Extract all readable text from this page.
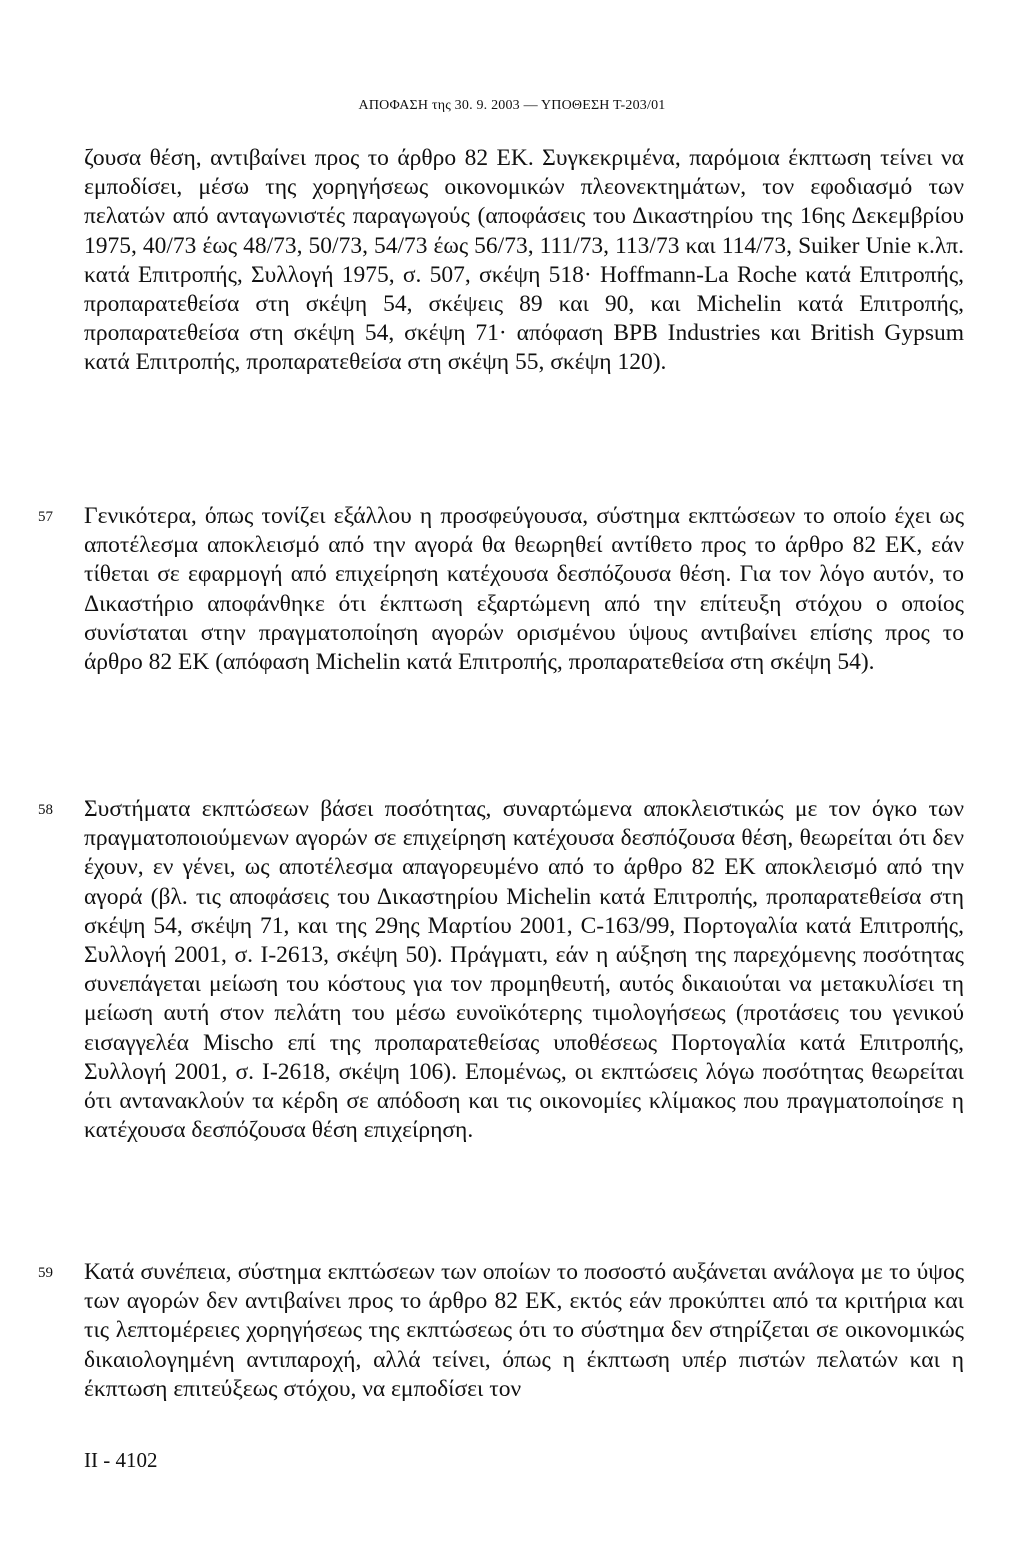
ΑΠΟΦΑΣΗ της 30. 9. 2003 — ΥΠΟΘΕΣΗ Τ-203/01
ζουσα θέση, αντιβαίνει προς το άρθρο 82 ΕΚ. Συγκεκριμένα, παρόμοια έκπτωση τείνει να εμποδίσει, μέσω της χορηγήσεως οικονομικών πλεονεκτημάτων, τον εφοδιασμό των πελατών από ανταγωνιστές παραγωγούς (αποφάσεις του Δικαστηρίου της 16ης Δεκεμβρίου 1975, 40/73 έως 48/73, 50/73, 54/73 έως 56/73, 111/73, 113/73 και 114/73, Suiker Unie κ.λπ. κατά Επιτροπής, Συλλογή 1975, σ. 507, σκέψη 518· Hoffmann-La Roche κατά Επιτροπής, προπαρατεθείσα στη σκέψη 54, σκέψεις 89 και 90, και Michelin κατά Επιτροπής, προπαρατεθείσα στη σκέψη 54, σκέψη 71· απόφαση BPB Industries και British Gypsum κατά Επιτροπής, προπαρατεθείσα στη σκέψη 55, σκέψη 120).
57 Γενικότερα, όπως τονίζει εξάλλου η προσφεύγουσα, σύστημα εκπτώσεων το οποίο έχει ως αποτέλεσμα αποκλεισμό από την αγορά θα θεωρηθεί αντίθετο προς το άρθρο 82 ΕΚ, εάν τίθεται σε εφαρμογή από επιχείρηση κατέχουσα δεσπόζουσα θέση. Για τον λόγο αυτόν, το Δικαστήριο αποφάνθηκε ότι έκπτωση εξαρτώμενη από την επίτευξη στόχου ο οποίος συνίσταται στην πραγματοποίηση αγορών ορισμένου ύψους αντιβαίνει επίσης προς το άρθρο 82 ΕΚ (απόφαση Michelin κατά Επιτροπής, προπαρατεθείσα στη σκέψη 54).
58 Συστήματα εκπτώσεων βάσει ποσότητας, συναρτώμενα αποκλειστικώς με τον όγκο των πραγματοποιούμενων αγορών σε επιχείρηση κατέχουσα δεσπόζουσα θέση, θεωρείται ότι δεν έχουν, εν γένει, ως αποτέλεσμα απαγορευμένο από το άρθρο 82 ΕΚ αποκλεισμό από την αγορά (βλ. τις αποφάσεις του Δικαστηρίου Michelin κατά Επιτροπής, προπαρατεθείσα στη σκέψη 54, σκέψη 71, και της 29ης Μαρτίου 2001, C-163/99, Πορτογαλία κατά Επιτροπής, Συλλογή 2001, σ. I-2613, σκέψη 50). Πράγματι, εάν η αύξηση της παρεχόμενης ποσότητας συνεπάγεται μείωση του κόστους για τον προμηθευτή, αυτός δικαιούται να μετακυλίσει τη μείωση αυτή στον πελάτη του μέσω ευνοϊκότερης τιμολογήσεως (προτάσεις του γενικού εισαγγελέα Mischo επί της προπαρατεθείσας υποθέσεως Πορτογαλία κατά Επιτροπής, Συλλογή 2001, σ. I-2618, σκέψη 106). Επομένως, οι εκπτώσεις λόγω ποσότητας θεωρείται ότι αντανακλούν τα κέρδη σε απόδοση και τις οικονομίες κλίμακος που πραγματοποίησε η κατέχουσα δεσπόζουσα θέση επιχείρηση.
59 Κατά συνέπεια, σύστημα εκπτώσεων των οποίων το ποσοστό αυξάνεται ανάλογα με το ύψος των αγορών δεν αντιβαίνει προς το άρθρο 82 ΕΚ, εκτός εάν προκύπτει από τα κριτήρια και τις λεπτομέρειες χορηγήσεως της εκπτώσεως ότι το σύστημα δεν στηρίζεται σε οικονομικώς δικαιολογημένη αντιπαροχή, αλλά τείνει, όπως η έκπτωση υπέρ πιστών πελατών και η έκπτωση επιτεύξεως στόχου, να εμποδίσει τον
II - 4102
